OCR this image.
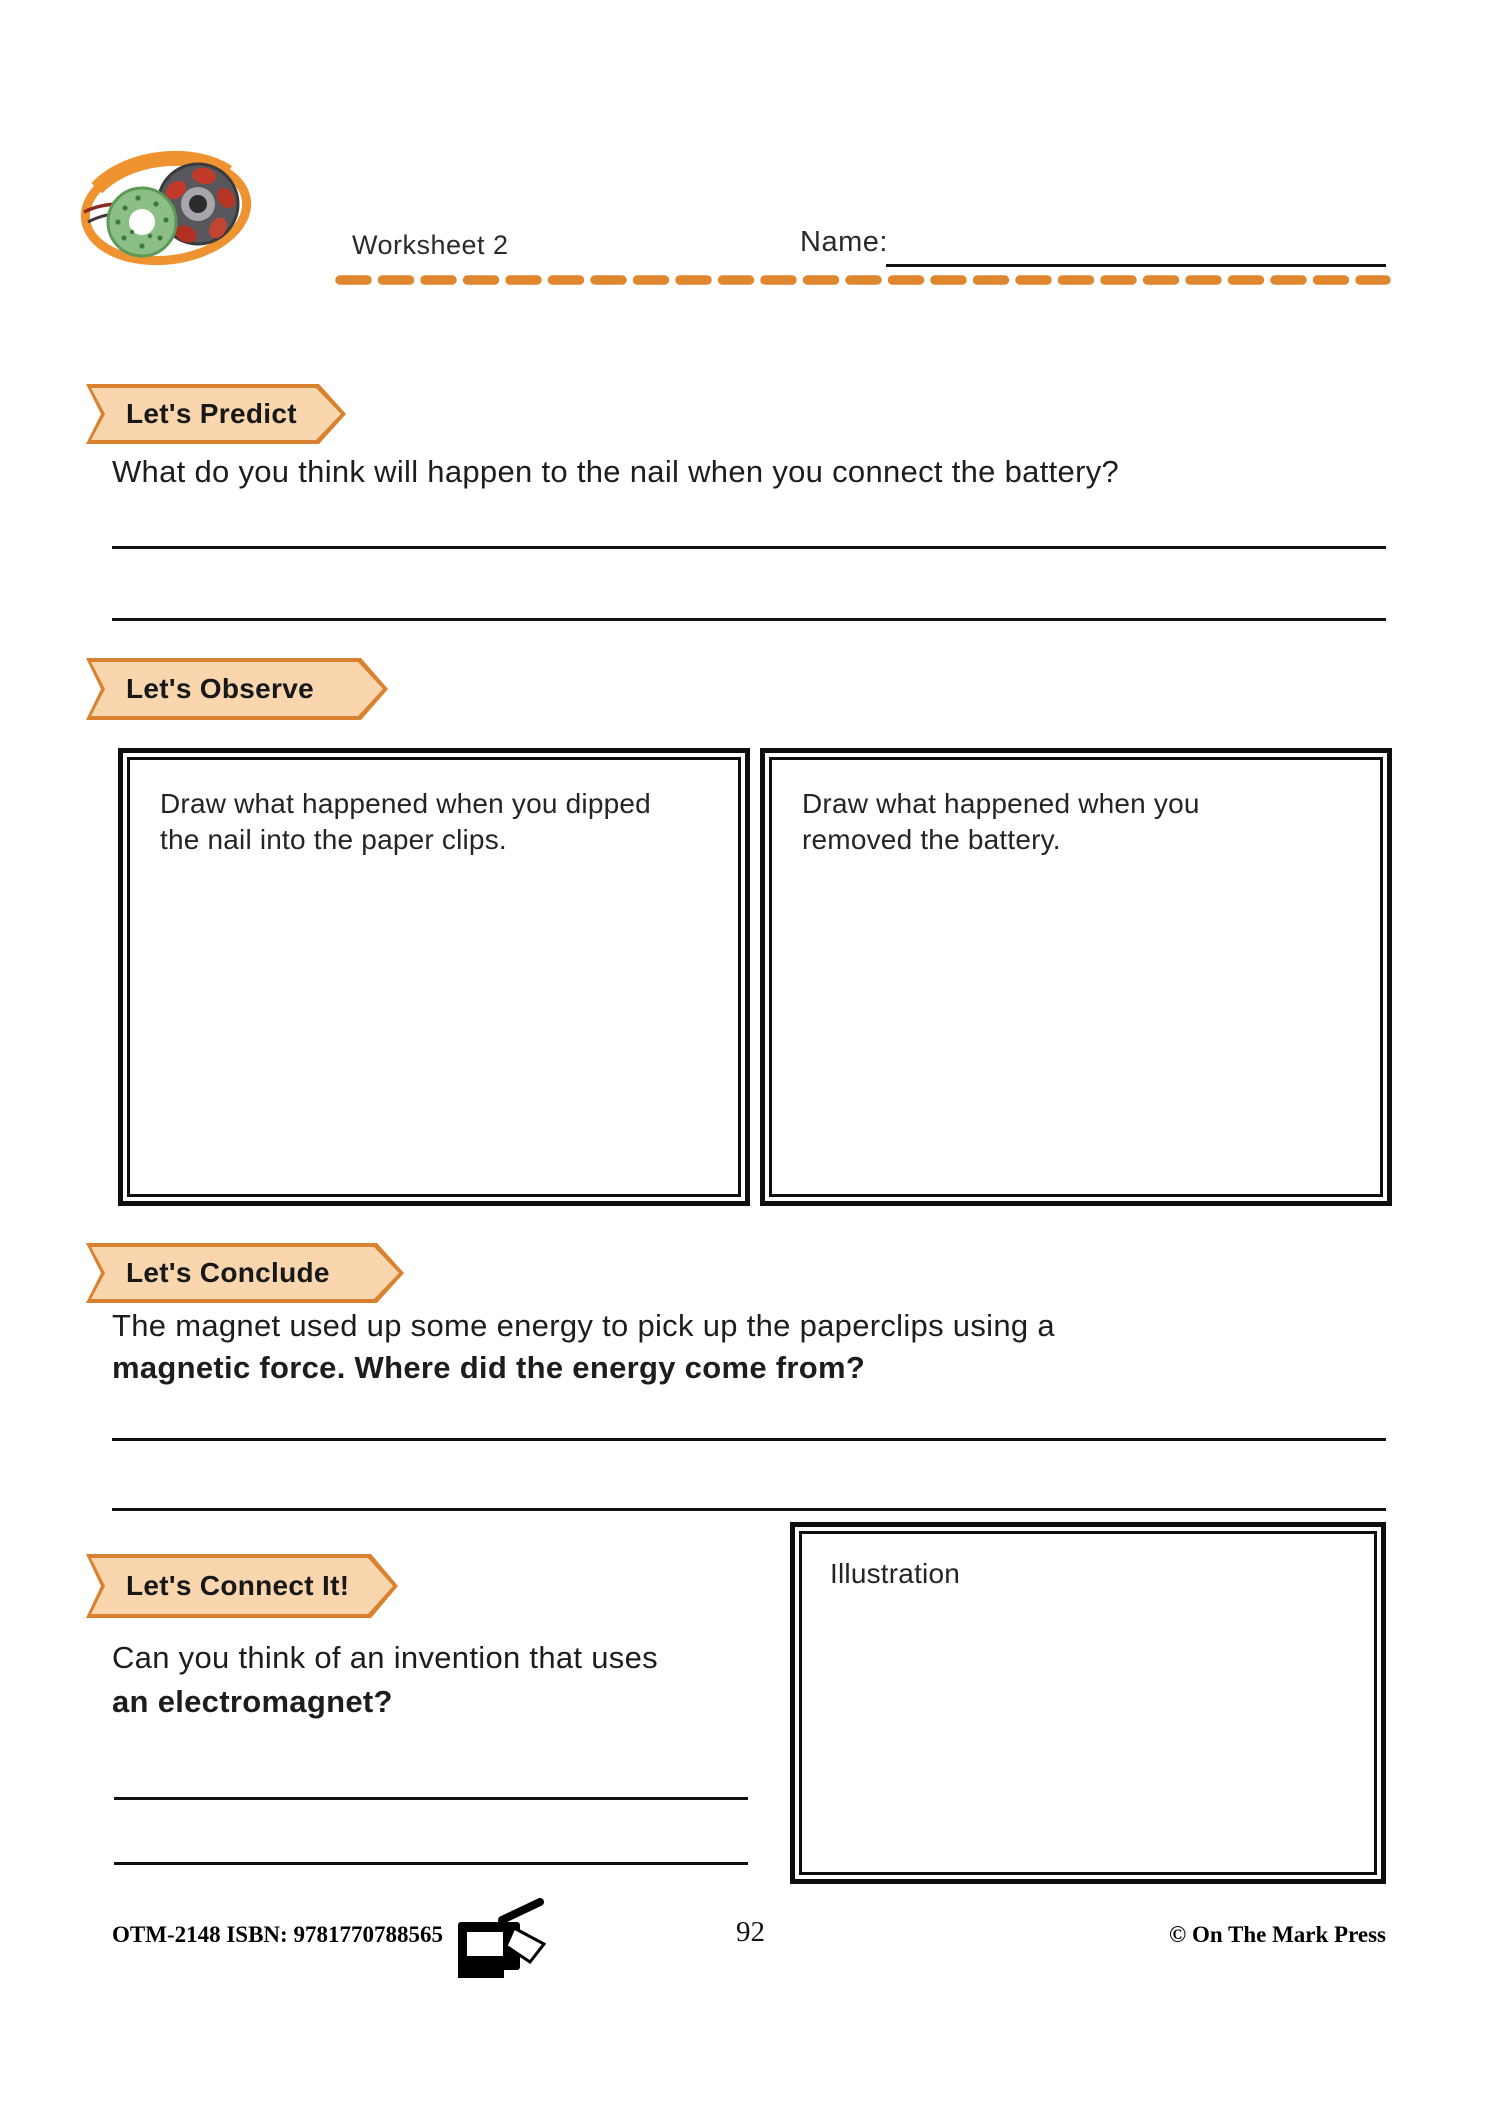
Worksheet 2	Name:
Let's Predict
What do you think will happen to the nail when you connect the battery?
Let's Observe
Draw what happened when you dipped the nail into the paper clips.
Draw what happened when you removed the battery.
Let's Conclude
The magnet used up some energy to pick up the paperclips using a
magnetic force. Where did the energy come from?
Let's Connect It!
Can you think of an invention that uses
an electromagnet?
Illustration
OTM-2148 ISBN: 9781770788565	92	© On The Mark Press
